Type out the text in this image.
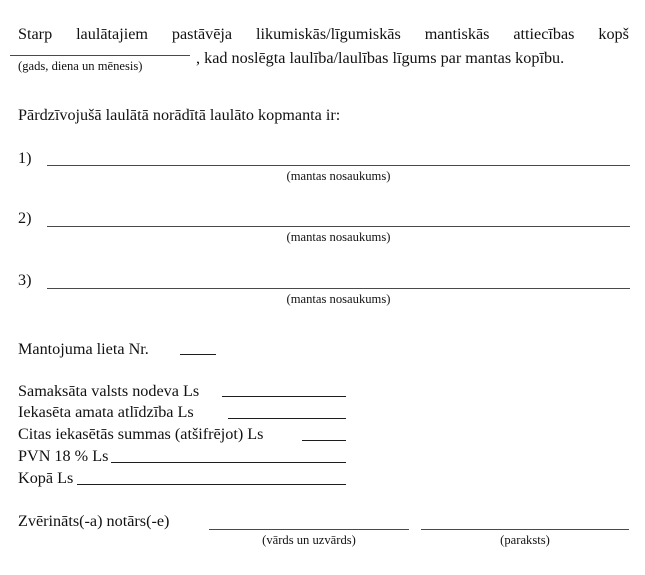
Starp laulātajiem pastāvēja likumiskās/līgumiskās mantiskās attiecības kopš
, kad noslēgta laulība/laulības līgums par mantas kopību.
(gads, diena un mēnesis)
Pārdzīvojušā laulātā norādītā laulāto kopmanta ir:
1)
(mantas nosaukums)
2)
(mantas nosaukums)
3)
(mantas nosaukums)
Mantojuma lieta Nr.
Samaksāta valsts nodeva Ls
Iekasēta amata atlīdzība Ls
Citas iekasētās summas (atšifrējot) Ls
PVN 18 % Ls
Kopā Ls
Zvērināts(-a) notārs(-e)
(vārds un uzvārds)	(paraksts)
